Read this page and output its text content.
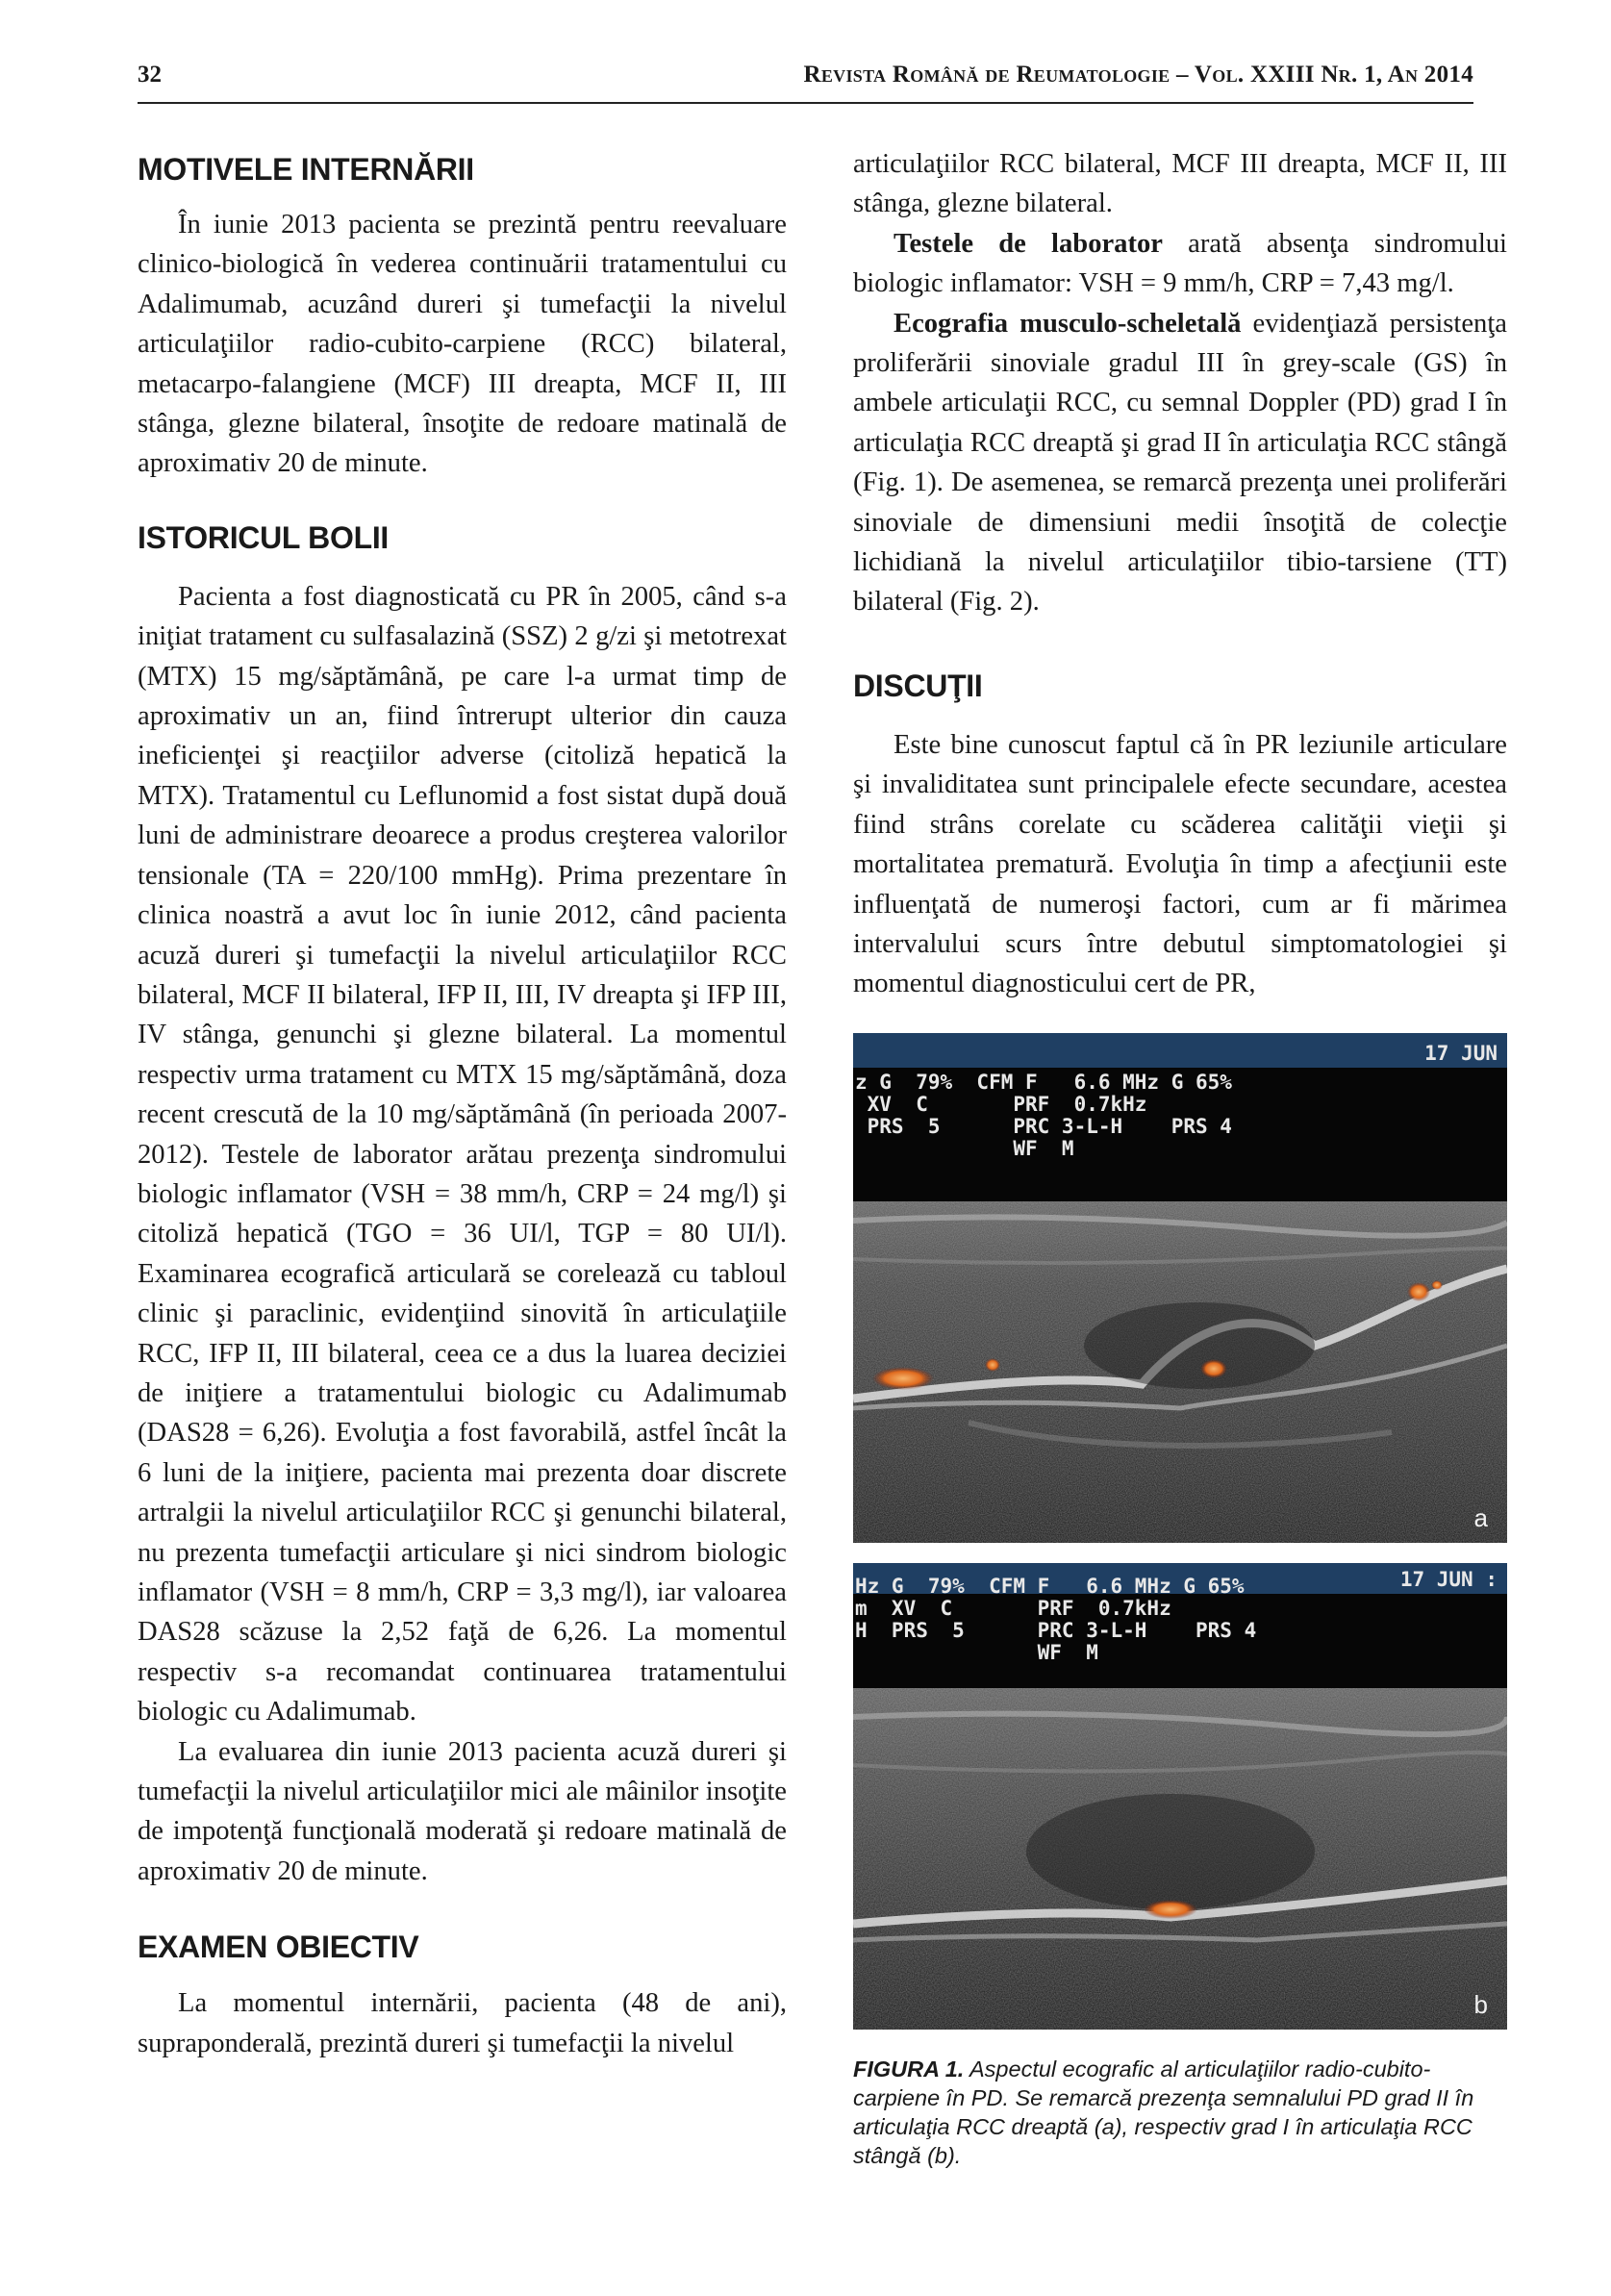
32	Revista Română de Reumatologie – Vol. XXIII Nr. 1, An 2014
MOTIVELE INTERNĂRII

În iunie 2013 pacienta se prezintă pentru reevaluare clinico-biologică în vederea continuării tratamentului cu Adalimumab, acuzând dureri şi tumefacţii la nivelul articulaţiilor radio-cubito-carpiene (RCC) bilateral, metacarpo-falangiene (MCF) III dreapta, MCF II, III stânga, glezne bilateral, însoţite de redoare matinală de aproximativ 20 de minute.

ISTORICUL BOLII

Pacienta a fost diagnosticată cu PR în 2005, când s-a iniţiat tratament cu sulfasalazină (SSZ) 2 g/zi şi metotrexat (MTX) 15 mg/săptămână, pe care l-a urmat timp de aproximativ un an, fiind întrerupt ulterior din cauza ineficienţei şi reacţiilor adverse (citoliză hepatică la MTX). Tratamentul cu Leflunomid a fost sistat după două luni de administrare deoarece a produs creşterea valorilor tensionale (TA = 220/100 mmHg). Prima prezentare în clinica noastră a avut loc în iunie 2012, când pacienta acuză dureri şi tumefacţii la nivelul articulaţiilor RCC bilateral, MCF II bilateral, IFP II, III, IV dreapta şi IFP III, IV stânga, genunchi şi glezne bilateral. La momentul respectiv urma tratament cu MTX 15 mg/săptămână, doza recent crescută de la 10 mg/săptămână (în perioada 2007-2012). Testele de laborator arătau prezenţa sindromului biologic inflamator (VSH = 38 mm/h, CRP = 24 mg/l) şi citoliză hepatică (TGO = 36 UI/l, TGP = 80 UI/l). Examinarea ecografică articulară se corelează cu tabloul clinic şi paraclinic, evidenţiind sinovită în articulaţiile RCC, IFP II, III bilateral, ceea ce a dus la luarea deciziei de iniţiere a tratamentului biologic cu Adalimumab (DAS28 = 6,26). Evoluţia a fost favorabilă, astfel încât la 6 luni de la iniţiere, pacienta mai prezenta doar discrete artralgii la nivelul articulaţiilor RCC şi genunchi bilateral, nu prezenta tumefacţii articulare şi nici sindrom biologic inflamator (VSH = 8 mm/h, CRP = 3,3 mg/l), iar valoarea DAS28 scăzuse la 2,52 faţă de 6,26. La momentul respectiv s-a recomandat continuarea tratamentului biologic cu Adalimumab.

La evaluarea din iunie 2013 pacienta acuză dureri şi tumefacţii la nivelul articulaţiilor mici ale mâinilor insoţite de impotenţă funcţională moderată şi redoare matinală de aproximativ 20 de minute.

EXAMEN OBIECTIV

La momentul internării, pacienta (48 de ani), supraponderală, prezintă dureri şi tumefacţii la nivelul

articulaţiilor RCC bilateral, MCF III dreapta, MCF II, III stânga, glezne bilateral.

Testele de laborator arată absenţa sindromului biologic inflamator: VSH = 9 mm/h, CRP = 7,43 mg/l.

Ecografia musculo-scheletală evidenţiază persistenţa proliferării sinoviale gradul III în grey-scale (GS) în ambele articulaţii RCC, cu semnal Doppler (PD) grad I în articulaţia RCC dreaptă şi grad II în articulaţia RCC stângă (Fig. 1). De asemenea, se remarcă prezenţa unei proliferări sinoviale de dimensiuni medii însoţită de colecţie lichidiană la nivelul articulaţiilor tibio-tarsiene (TT) bilateral (Fig. 2).

DISCUŢII

Este bine cunoscut faptul că în PR leziunile articulare şi invaliditatea sunt principalele efecte secundare, acestea fiind strâns corelate cu scăderea calităţii vieţii şi mortalitatea prematură. Evoluţia în timp a afecţiunii este influenţată de numeroşi factori, cum ar fi mărimea intervalului scurs între debutul simptomatologiei şi momentul diagnosticului cert de PR,

17 JUN
z G  79%  CFM F   6.6 MHz G 65%
XV  C       PRF  0.7kHz
PRS  5      PRC 3-L-H    PRS 4
WF  M
a
17 JUN :
Hz G  79%  CFM F   6.6 MHz G 65%
m  XV  C       PRF  0.7kHz
H  PRS  5      PRC 3-L-H    PRS 4
WF  M
b
FIGURA 1. Aspectul ecografic al articulaţiilor radio-cubito-carpiene în PD. Se remarcă prezenţa semnalului PD grad II în articulaţia RCC dreaptă (a), respectiv grad I în articulaţia RCC stângă (b).
